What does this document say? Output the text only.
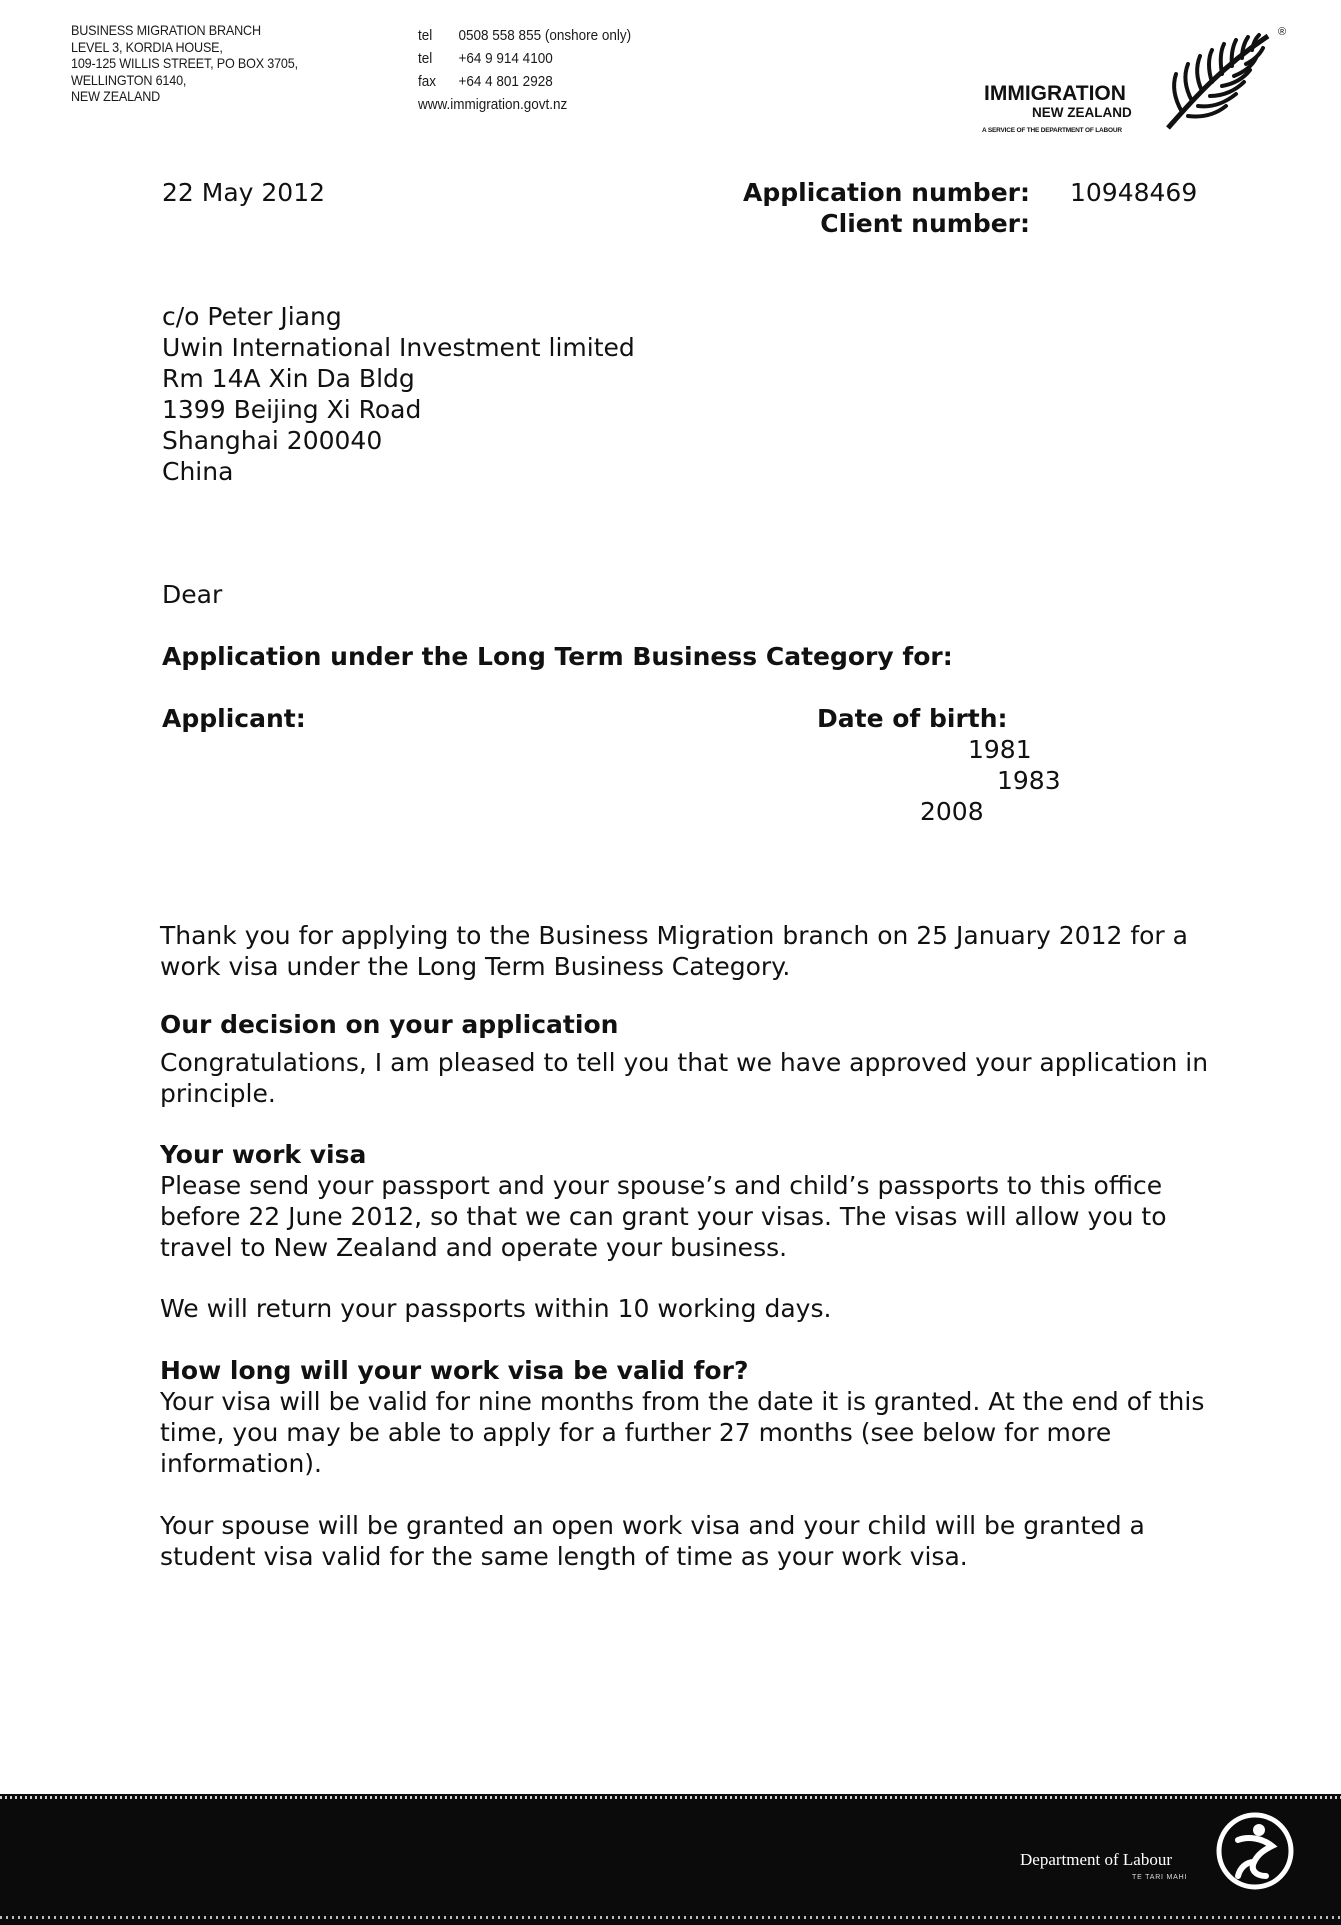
BUSINESS MIGRATION BRANCH
LEVEL 3, KORDIA HOUSE,
109-125 WILLIS STREET, PO BOX 3705,
WELLINGTON 6140,
NEW ZEALAND
tel	0508 558 855 (onshore only)
tel	+64 9 914 4100
fax	+64 4 801 2928
www.immigration.govt.nz	IMMIGRATION
NEW ZEALAND
A SERVICE OF THE DEPARTMENT OF LABOUR
®
22 May 2012	Application number: 10948469
Client number:
c/o Peter Jiang
Uwin International Investment limited
Rm 14A Xin Da Bldg
1399 Beijing Xi Road
Shanghai 200040
China
Dear
Application under the Long Term Business Category for:
Applicant:	Date of birth:
1981
1983
2008
Thank you for applying to the Business Migration branch on 25 January 2012 for a work visa under the Long Term Business Category.
Our decision on your application
Congratulations, I am pleased to tell you that we have approved your application in principle.
Your work visa
Please send your passport and your spouse’s and child’s passports to this office before 22 June 2012, so that we can grant your visas. The visas will allow you to travel to New Zealand and operate your business.
We will return your passports within 10 working days.
How long will your work visa be valid for?
Your visa will be valid for nine months from the date it is granted. At the end of this time, you may be able to apply for a further 27 months (see below for more information).
Your spouse will be granted an open work visa and your child will be granted a student visa valid for the same length of time as your work visa.
Department of Labour
TE TARI MAHI
